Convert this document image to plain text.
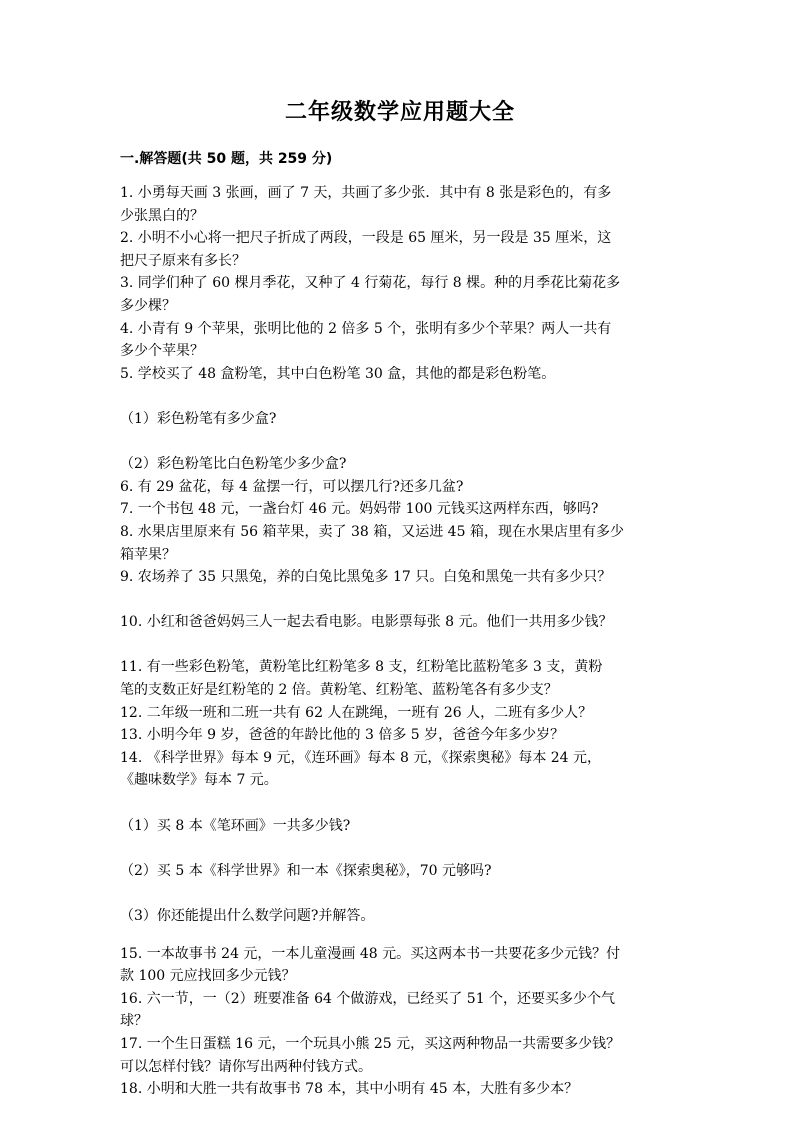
二年级数学应用题大全
一.解答题(共 50 题，共 259 分)

1. 小勇每天画 3 张画，画了 7 天，共画了多少张．其中有 8 张是彩色的，有多

少张黑白的？

2. 小明不小心将一把尺子折成了两段，一段是 65 厘米，另一段是 35 厘米，这

把尺子原来有多长？

3. 同学们种了 60 棵月季花，又种了 4 行菊花，每行 8 棵。种的月季花比菊花多

多少棵？

4. 小青有 9 个苹果，张明比他的 2 倍多 5 个，张明有多少个苹果？两人一共有

多少个苹果？

5. 学校买了 48 盒粉笔，其中白色粉笔 30 盒，其他的都是彩色粉笔。

（1）彩色粉笔有多少盒?

（2）彩色粉笔比白色粉笔少多少盒?

6. 有 29 盆花，每 4 盆摆一行，可以摆几行?还多几盆?

7. 一个书包 48 元，一盏台灯 46 元。妈妈带 100 元钱买这两样东西，够吗?

8. 水果店里原来有 56 箱苹果，卖了 38 箱，又运进 45 箱，现在水果店里有多少

箱苹果？

9. 农场养了 35 只黑兔，养的白兔比黑兔多 17 只。白兔和黑兔一共有多少只？

10. 小红和爸爸妈妈三人一起去看电影。电影票每张 8 元。他们一共用多少钱？

11. 有一些彩色粉笔，黄粉笔比红粉笔多 8 支，红粉笔比蓝粉笔多 3 支，黄粉

笔的支数正好是红粉笔的 2 倍。黄粉笔、红粉笔、蓝粉笔各有多少支？

12. 二年级一班和二班一共有 62 人在跳绳，一班有 26 人，二班有多少人？

13. 小明今年 9 岁，爸爸的年龄比他的 3 倍多 5 岁，爸爸今年多少岁？

14. 《科学世界》每本 9 元，《连环画》每本 8 元，《探索奥秘》每本 24 元，

《趣味数学》每本 7 元。

（1）买 8 本《笔环画》一共多少钱?

（2）买 5 本《科学世界》和一本《探索奥秘》，70 元够吗?

（3）你还能提出什么数学问题?并解答。

15. 一本故事书 24 元，一本儿童漫画 48 元。买这两本书一共要花多少元钱？付

款 100 元应找回多少元钱？

16. 六一节，一（2）班要准备 64 个做游戏，已经买了 51 个，还要买多少个气

球？

17. 一个生日蛋糕 16 元，一个玩具小熊 25 元，买这两种物品一共需要多少钱？

可以怎样付钱？请你写出两种付钱方式。

18. 小明和大胜一共有故事书 78 本，其中小明有 45 本，大胜有多少本？
